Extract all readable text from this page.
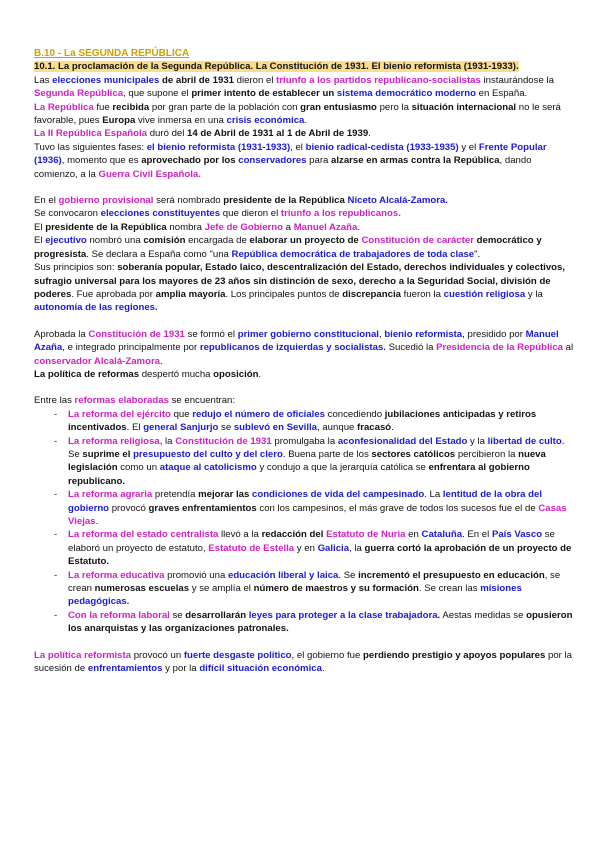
B.10 - La SEGUNDA REPÚBLICA

10.1. La proclamación de la Segunda República. La Constitución de 1931. El bienio reformista (1931-1933).

Las elecciones municipales de abril de 1931 dieron el triunfo a los partidos republicano-socialistas instaurándose la Segunda República, que supone el primer intento de establecer un sistema democrático moderno en España.

La República fue recibida por gran parte de la población con gran entusiasmo pero la situación internacional no le será favorable, pues Europa vive inmersa en una crisis económica.

La II República Española duró del 14 de Abril de 1931 al 1 de Abril de 1939.

Tuvo las siguientes fases: el bienio reformista (1931-1933), el bienio radical-cedista (1933-1935) y el Frente Popular (1936), momento que es aprovechado por los conservadores para alzarse en armas contra la República, dando comienzo, a la Guerra Civil Española.

En el gobierno provisional será nombrado presidente de la República Niceto Alcalá-Zamora.

Se convocaron elecciones constituyentes que dieron el triunfo a los republicanos.

El presidente de la República nombra Jefe de Gobierno a Manuel Azaña.

El ejecutivo nombró una comisión encargada de elaborar un proyecto de Constitución de carácter democrático y progresista. Se declara a España como "una República democrática de trabajadores de toda clase".

Sus principios son: soberanía popular, Estado laico, descentralización del Estado, derechos individuales y colectivos, sufragio universal para los mayores de 23 años sin distinción de sexo, derecho a la Seguridad Social, división de poderes. Fue aprobada por amplia mayoría. Los principales puntos de discrepancia fueron la cuestión religiosa y la autonomía de las regiones.

Aprobada la Constitución de 1931 se formó el primer gobierno constitucional, bienio reformista, presidido por Manuel Azaña, e integrado principalmente por republicanos de izquierdas y socialistas. Sucedió la Presidencia de la República al conservador Alcalá-Zamora.

La política de reformas despertó mucha oposición.

Entre las reformas elaboradas se encuentran:

- La reforma del ejército que redujo el número de oficiales concediendo jubilaciones anticipadas y retiros incentivados. El general Sanjurjo se sublevó en Sevilla, aunque fracasó.
- La reforma religiosa, la Constitución de 1931 promulgaba la aconfesionalidad del Estado y la libertad de culto. Se suprime el presupuesto del culto y del clero. Buena parte de los sectores católicos percibieron la nueva legislación como un ataque al catolicismo y condujo a que la jerarquía católica se enfrentara al gobierno republicano.
- La reforma agraria pretendía mejorar las condiciones de vida del campesinado. La lentitud de la obra del gobierno provocó graves enfrentamientos con los campesinos, el más grave de todos los sucesos fue el de Casas Viejas.
- La reforma del estado centralista llevó a la redacción del Estatuto de Nuria en Cataluña. En el País Vasco se elaboró un proyecto de estatuto, Estatuto de Estella y en Galicia, la guerra cortó la aprobación de un proyecto de Estatuto.
- La reforma educativa promovió una educación liberal y laica. Se incrementó el presupuesto en educación, se crean numerosas escuelas y se amplía el número de maestros y su formación. Se crean las misiones pedagógicas.
- Con la reforma laboral se desarrollarán leyes para proteger a la clase trabajadora. Aestas medidas se opusieron los anarquistas y las organizaciones patronales.

La política reformista provocó un fuerte desgaste político, el gobierno fue perdiendo prestigio y apoyos populares por la sucesión de enfrentamientos y por la difícil situación económica.
